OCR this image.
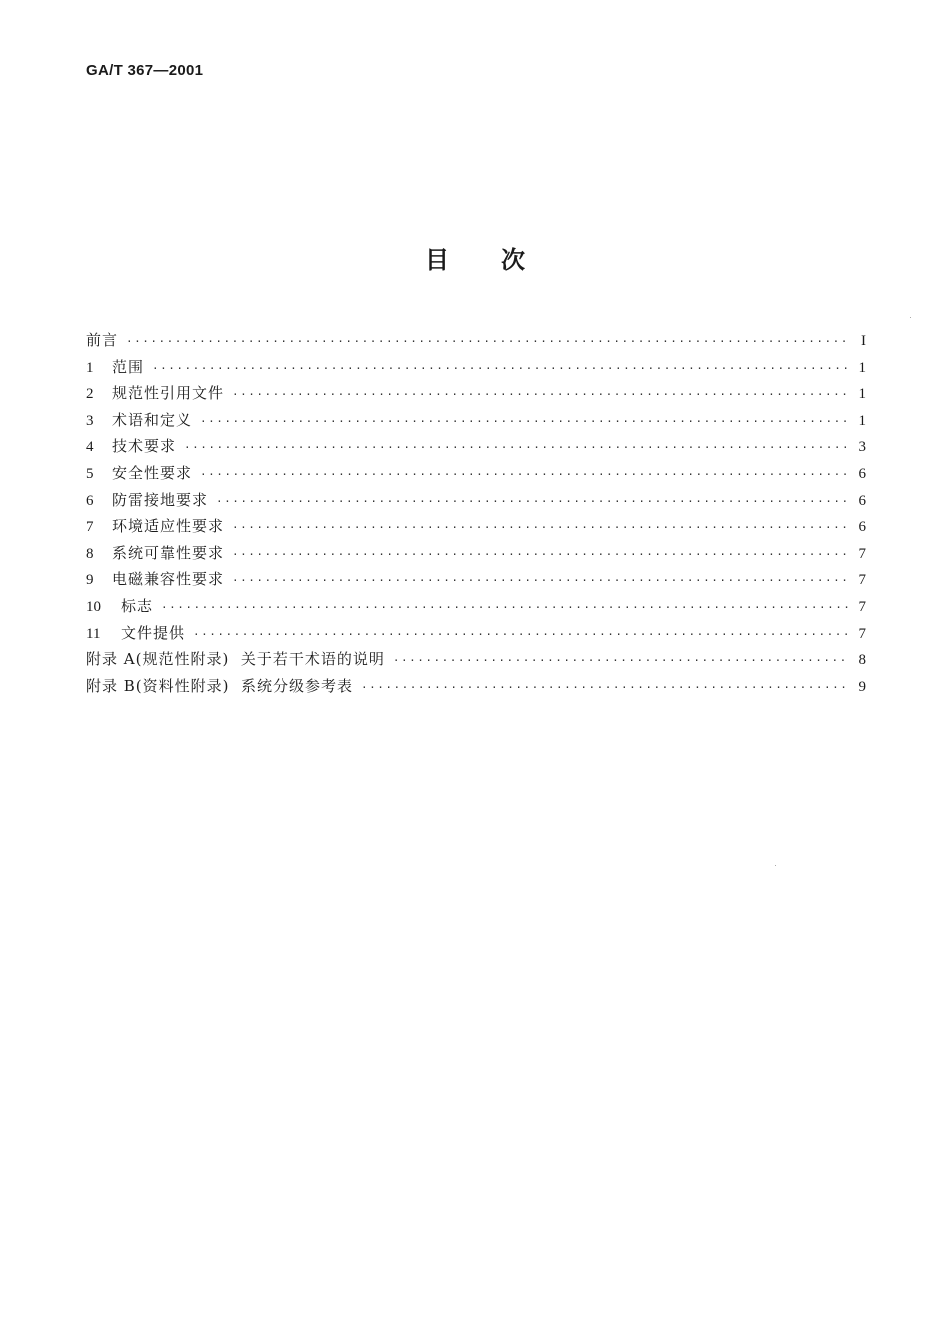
GA/T 367—2001
目 次
前言 ·····	I
1	范围 ·····	1
2	规范性引用文件 ·····	1
3	术语和定义 ·····	1
4	技术要求 ·····	3
5	安全性要求 ·····	6
6	防雷接地要求 ·····	6
7	环境适应性要求 ·····	6
8	系统可靠性要求 ·····	7
9	电磁兼容性要求 ·····	7
10	标志 ·····	7
11	文件提供 ·····	7
附录 A(规范性附录)  关于若干术语的说明 ·····	8
附录 B(资料性附录)  系统分级参考表 ·····	9
